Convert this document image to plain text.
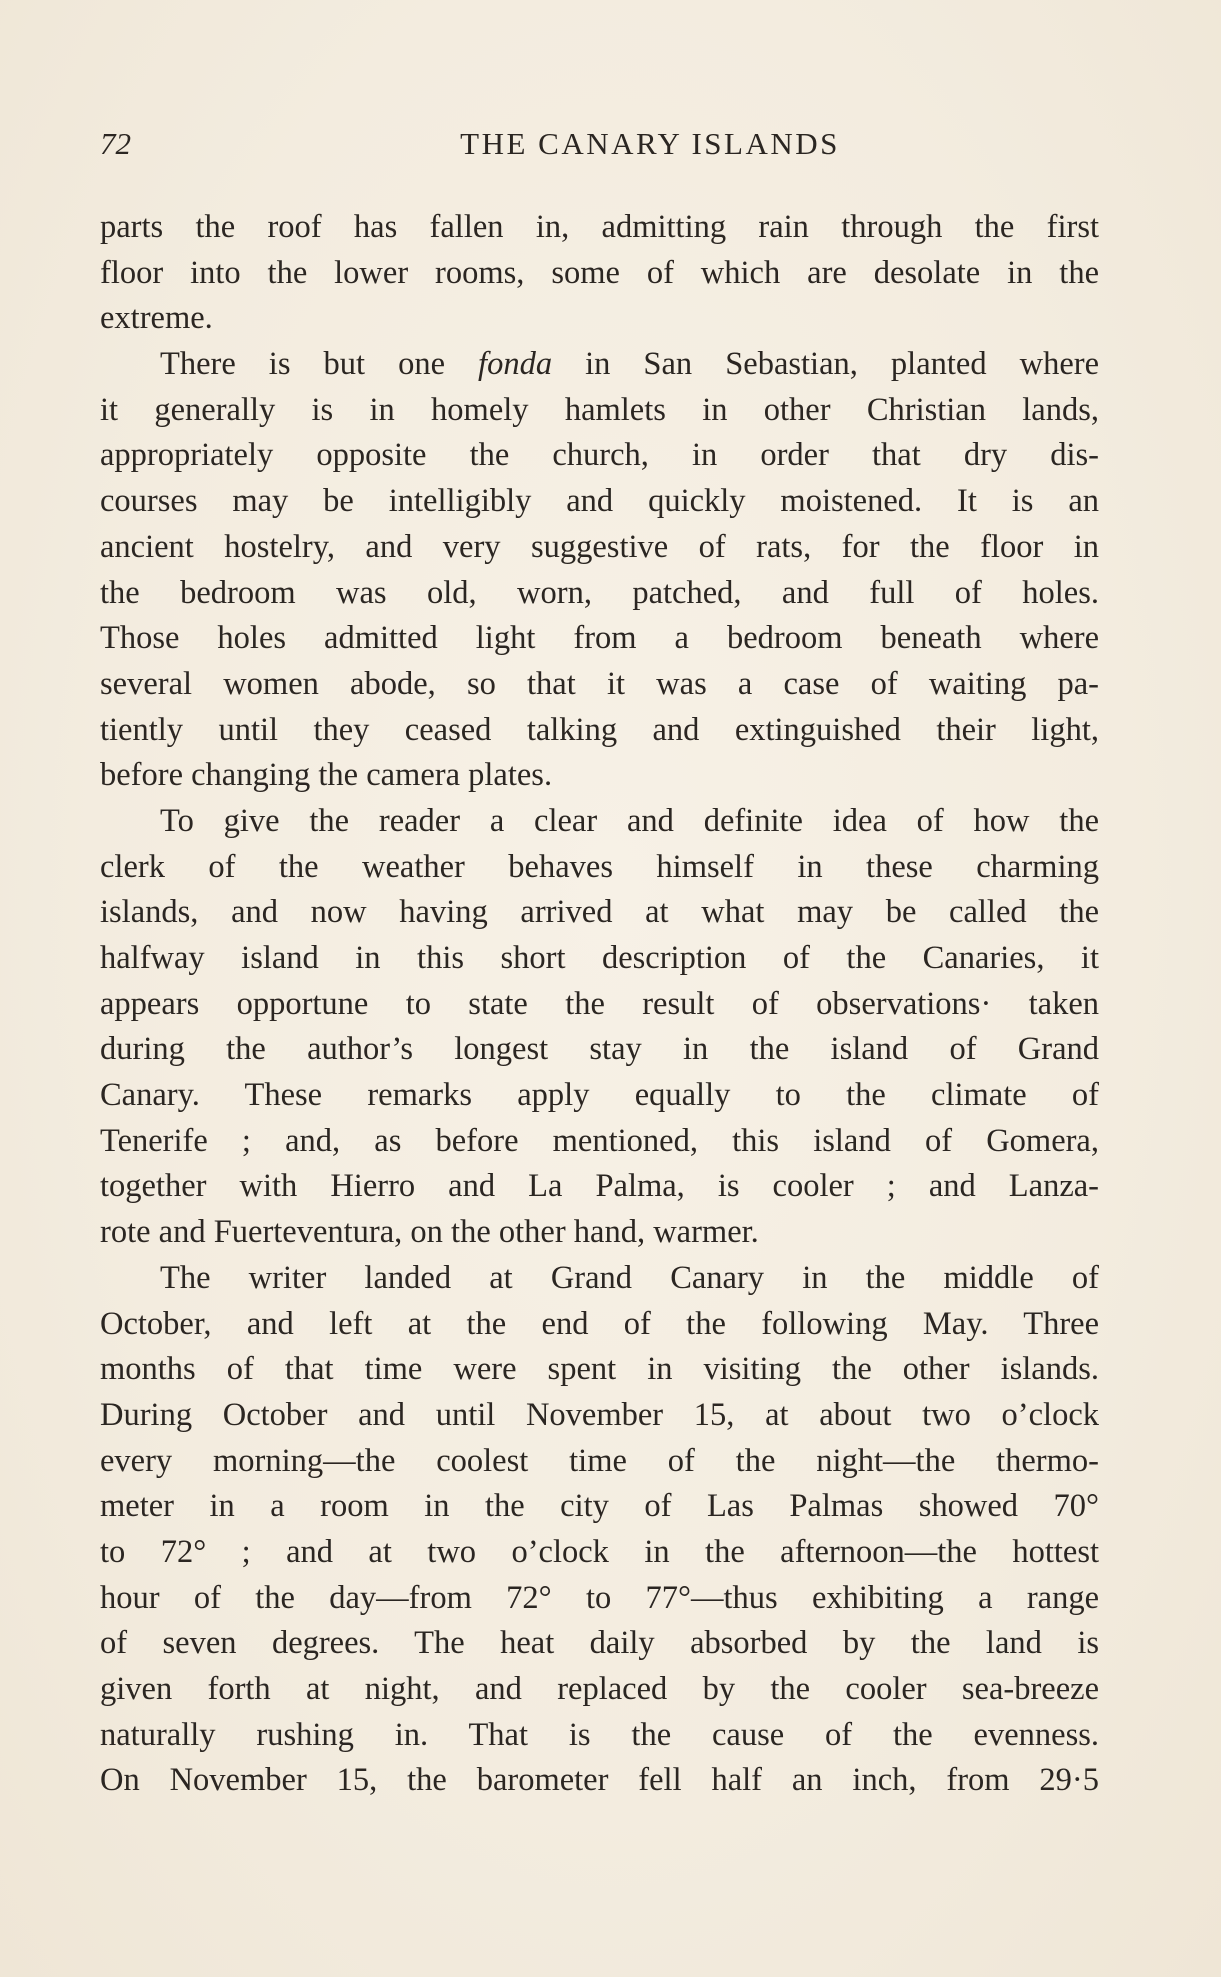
72	THE CANARY ISLANDS
parts the roof has fallen in, admitting rain through the first
floor into the lower rooms, some of which are desolate in the
extreme.
There is but one fonda in San Sebastian, planted where
it generally is in homely hamlets in other Christian lands,
appropriately opposite the church, in order that dry dis-
courses may be intelligibly and quickly moistened. It is an
ancient hostelry, and very suggestive of rats, for the floor in
the bedroom was old, worn, patched, and full of holes.
Those holes admitted light from a bedroom beneath where
several women abode, so that it was a case of waiting pa-
tiently until they ceased talking and extinguished their light,
before changing the camera plates.
To give the reader a clear and definite idea of how the
clerk of the weather behaves himself in these charming
islands, and now having arrived at what may be called the
halfway island in this short description of the Canaries, it
appears opportune to state the result of observations· taken
during the author’s longest stay in the island of Grand
Canary. These remarks apply equally to the climate of
Tenerife ; and, as before mentioned, this island of Gomera,
together with Hierro and La Palma, is cooler ; and Lanza-
rote and Fuerteventura, on the other hand, warmer.
The writer landed at Grand Canary in the middle of
October, and left at the end of the following May. Three
months of that time were spent in visiting the other islands.
During October and until November 15, at about two o’clock
every morning—the coolest time of the night—the thermo-
meter in a room in the city of Las Palmas showed 70°
to 72° ; and at two o’clock in the afternoon—the hottest
hour of the day—from 72° to 77°—thus exhibiting a range
of seven degrees. The heat daily absorbed by the land is
given forth at night, and replaced by the cooler sea-breeze
naturally rushing in. That is the cause of the evenness.
On November 15, the barometer fell half an inch, from 29·5
